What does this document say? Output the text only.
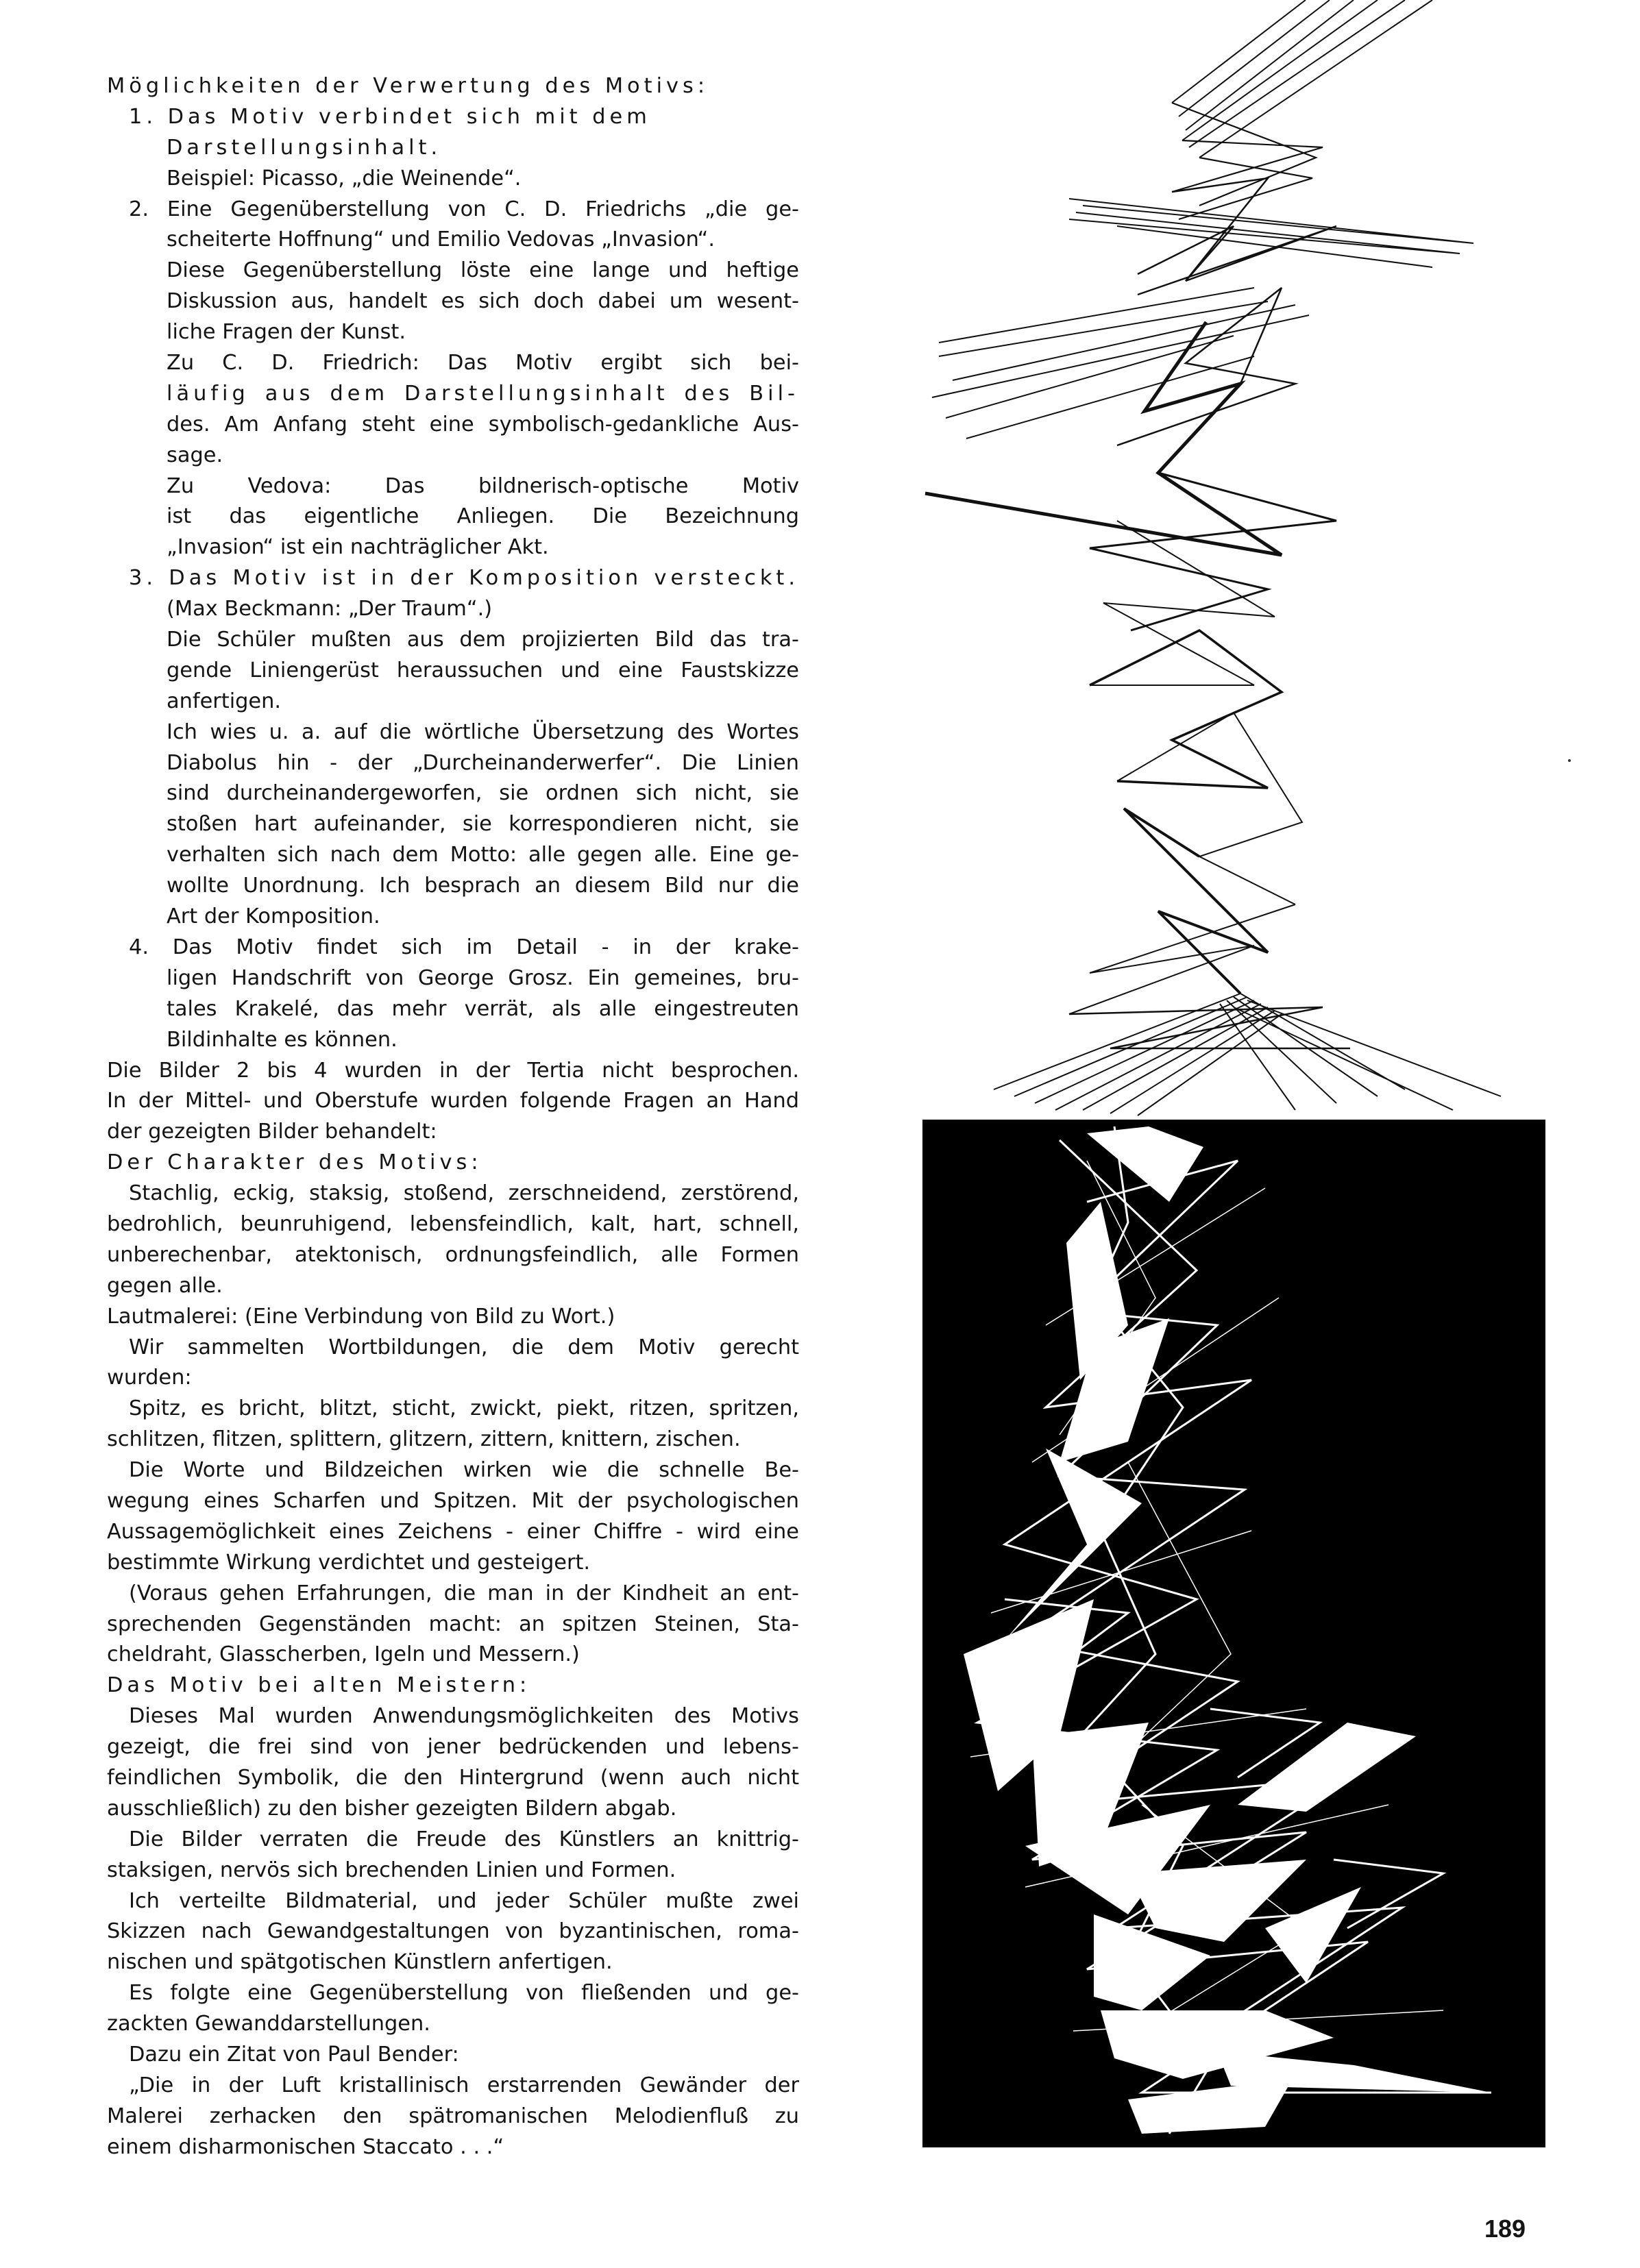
Möglichkeiten der Verwertung des Motivs:
1. Das Motiv verbindet sich mit dem
Darstellungsinhalt.
Beispiel: Picasso, „die Weinende“.
2. Eine Gegenüberstellung von C. D. Friedrichs „die ge-
scheiterte Hoffnung“ und Emilio Vedovas „Invasion“.
Diese Gegenüberstellung löste eine lange und heftige
Diskussion aus, handelt es sich doch dabei um wesent-
liche Fragen der Kunst.
Zu C. D. Friedrich: Das Motiv ergibt sich bei-
läufig aus dem Darstellungsinhalt des Bil-
des. Am Anfang steht eine symbolisch-gedankliche Aus-
sage.
Zu Vedova: Das bildnerisch-optische Motiv
ist das eigentliche Anliegen. Die Bezeichnung
„Invasion“ ist ein nachträglicher Akt.
3. Das Motiv ist in der Komposition versteckt.
(Max Beckmann: „Der Traum“.)
Die Schüler mußten aus dem projizierten Bild das tra-
gende Liniengerüst heraussuchen und eine Faustskizze
anfertigen.
Ich wies u. a. auf die wörtliche Übersetzung des Wortes
Diabolus hin - der „Durcheinanderwerfer“. Die Linien
sind durcheinandergeworfen, sie ordnen sich nicht, sie
stoßen hart aufeinander, sie korrespondieren nicht, sie
verhalten sich nach dem Motto: alle gegen alle. Eine ge-
wollte Unordnung. Ich besprach an diesem Bild nur die
Art der Komposition.
4. Das Motiv findet sich im Detail - in der krake-
ligen Handschrift von George Grosz. Ein gemeines, bru-
tales Krakelé, das mehr verrät, als alle eingestreuten
Bildinhalte es können.
Die Bilder 2 bis 4 wurden in der Tertia nicht besprochen.
In der Mittel- und Oberstufe wurden folgende Fragen an Hand
der gezeigten Bilder behandelt:
Der Charakter des Motivs:
Stachlig, eckig, staksig, stoßend, zerschneidend, zerstörend,
bedrohlich, beunruhigend, lebensfeindlich, kalt, hart, schnell,
unberechenbar, atektonisch, ordnungsfeindlich, alle Formen
gegen alle.
Lautmalerei: (Eine Verbindung von Bild zu Wort.)
Wir sammelten Wortbildungen, die dem Motiv gerecht
wurden:
Spitz, es bricht, blitzt, sticht, zwickt, piekt, ritzen, spritzen,
schlitzen, flitzen, splittern, glitzern, zittern, knittern, zischen.
Die Worte und Bildzeichen wirken wie die schnelle Be-
wegung eines Scharfen und Spitzen. Mit der psychologischen
Aussagemöglichkeit eines Zeichens - einer Chiffre - wird eine
bestimmte Wirkung verdichtet und gesteigert.
(Voraus gehen Erfahrungen, die man in der Kindheit an ent-
sprechenden Gegenständen macht: an spitzen Steinen, Sta-
cheldraht, Glasscherben, Igeln und Messern.)
Das Motiv bei alten Meistern:
Dieses Mal wurden Anwendungsmöglichkeiten des Motivs
gezeigt, die frei sind von jener bedrückenden und lebens-
feindlichen Symbolik, die den Hintergrund (wenn auch nicht
ausschließlich) zu den bisher gezeigten Bildern abgab.
Die Bilder verraten die Freude des Künstlers an knittrig-
staksigen, nervös sich brechenden Linien und Formen.
Ich verteilte Bildmaterial, und jeder Schüler mußte zwei
Skizzen nach Gewandgestaltungen von byzantinischen, roma-
nischen und spätgotischen Künstlern anfertigen.
Es folgte eine Gegenüberstellung von fließenden und ge-
zackten Gewanddarstellungen.
Dazu ein Zitat von Paul Bender:
„Die in der Luft kristallinisch erstarrenden Gewänder der
Malerei zerhacken den spätromanischen Melodienfluß zu
einem disharmonischen Staccato . . .“
189
